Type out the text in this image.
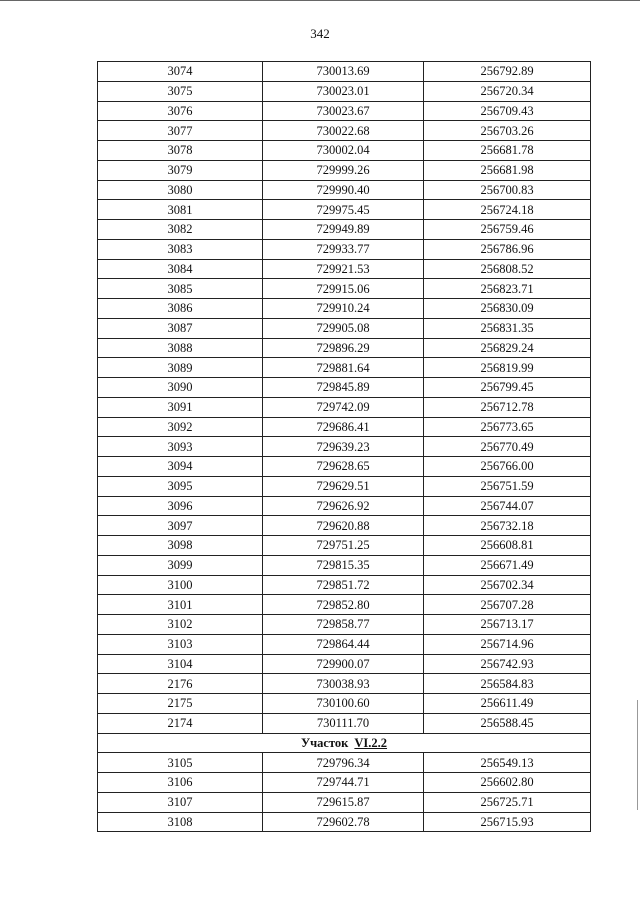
342
3074	730013.69	256792.89
3075	730023.01	256720.34
3076	730023.67	256709.43
3077	730022.68	256703.26
3078	730002.04	256681.78
3079	729999.26	256681.98
3080	729990.40	256700.83
3081	729975.45	256724.18
3082	729949.89	256759.46
3083	729933.77	256786.96
3084	729921.53	256808.52
3085	729915.06	256823.71
3086	729910.24	256830.09
3087	729905.08	256831.35
3088	729896.29	256829.24
3089	729881.64	256819.99
3090	729845.89	256799.45
3091	729742.09	256712.78
3092	729686.41	256773.65
3093	729639.23	256770.49
3094	729628.65	256766.00
3095	729629.51	256751.59
3096	729626.92	256744.07
3097	729620.88	256732.18
3098	729751.25	256608.81
3099	729815.35	256671.49
3100	729851.72	256702.34
3101	729852.80	256707.28
3102	729858.77	256713.17
3103	729864.44	256714.96
3104	729900.07	256742.93
2176	730038.93	256584.83
2175	730100.60	256611.49
2174	730111.70	256588.45
Участок VI.2.2		
3105	729796.34	256549.13
3106	729744.71	256602.80
3107	729615.87	256725.71
3108	729602.78	256715.93
